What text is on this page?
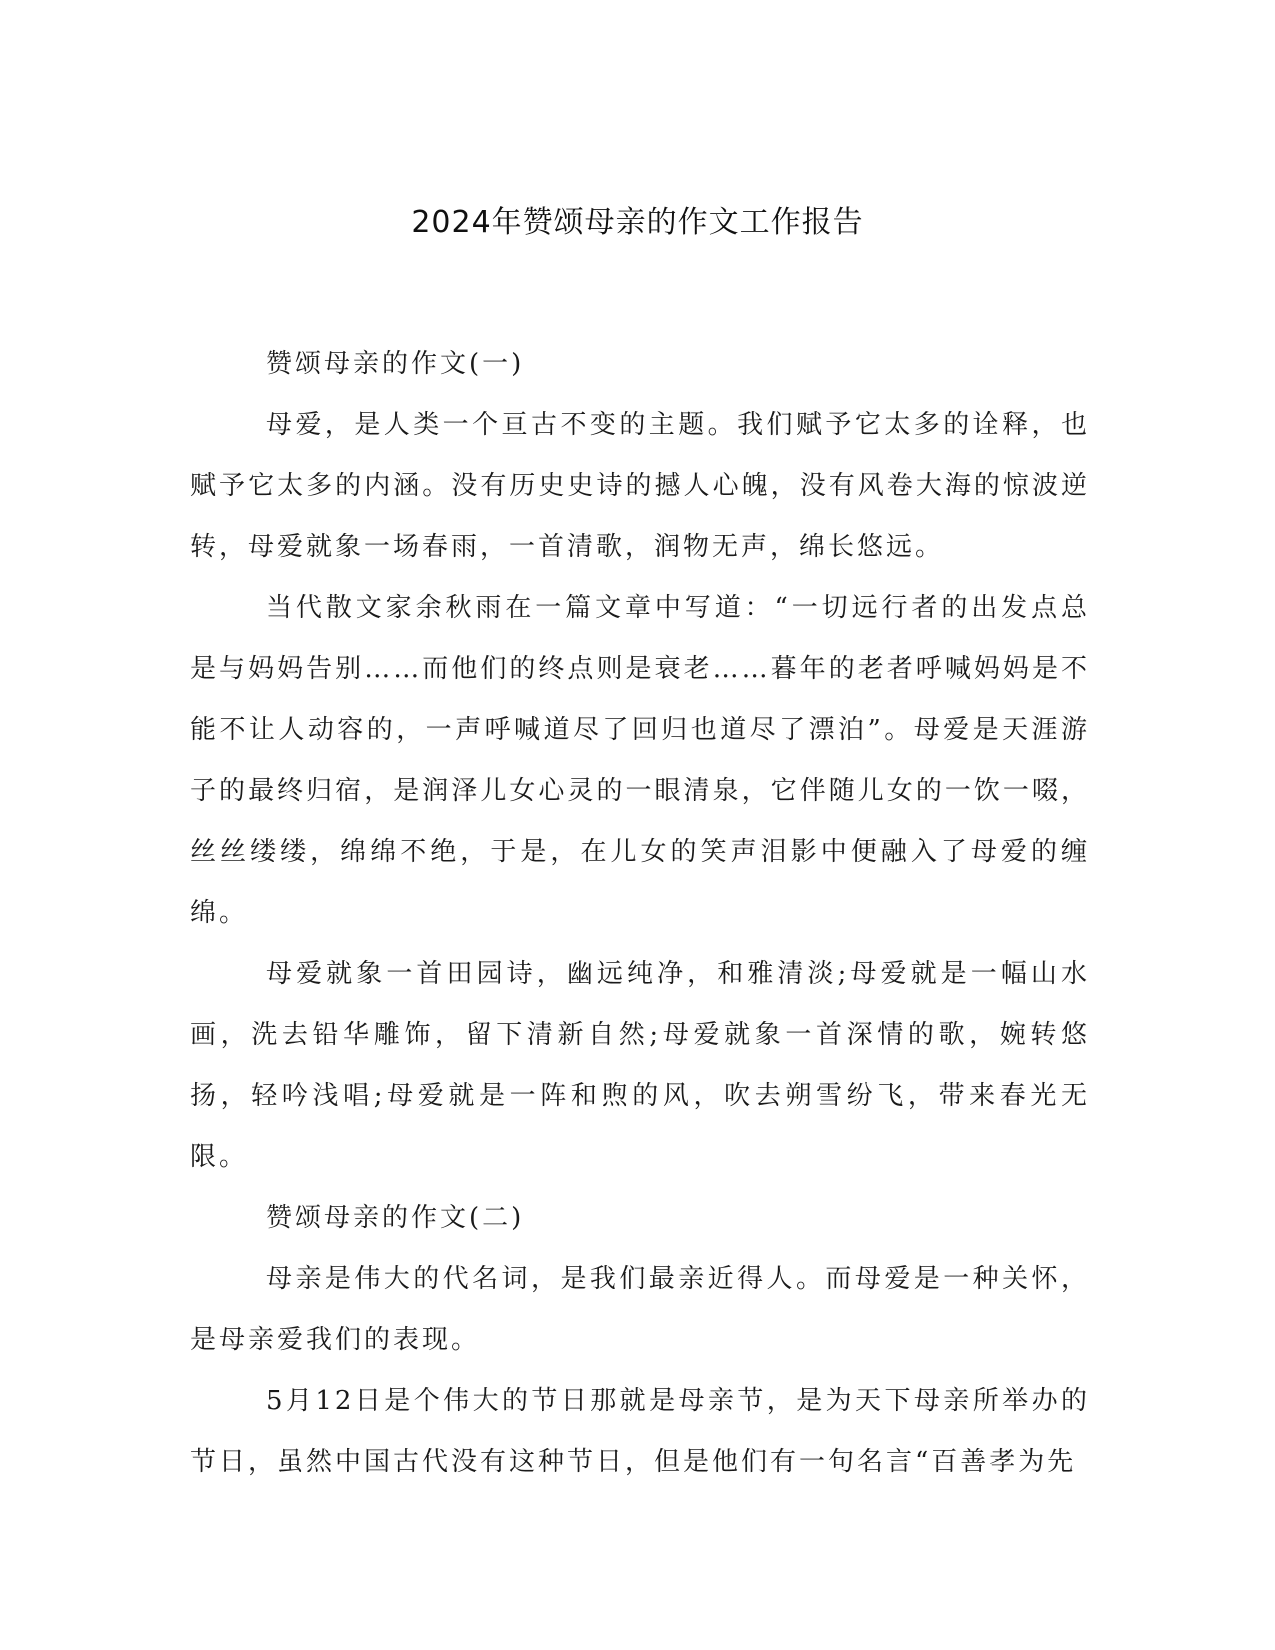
2024年赞颂母亲的作文工作报告

赞颂母亲的作文(一)

母爱，是人类一个亘古不变的主题。我们赋予它太多的诠释，也赋予它太多的内涵。没有历史史诗的撼人心魄，没有风卷大海的惊波逆转，母爱就象一场春雨，一首清歌，润物无声，绵长悠远。

当代散文家余秋雨在一篇文章中写道：“一切远行者的出发点总是与妈妈告别……而他们的终点则是衰老……暮年的老者呼喊妈妈是不能不让人动容的，一声呼喊道尽了回归也道尽了漂泊”。母爱是天涯游子的最终归宿，是润泽儿女心灵的一眼清泉，它伴随儿女的一饮一啜，丝丝缕缕，绵绵不绝，于是，在儿女的笑声泪影中便融入了母爱的缠绵。

母爱就象一首田园诗，幽远纯净，和雅清淡;母爱就是一幅山水画，洗去铅华雕饰，留下清新自然;母爱就象一首深情的歌，婉转悠扬，轻吟浅唱;母爱就是一阵和煦的风，吹去朔雪纷飞，带来春光无限。

赞颂母亲的作文(二)

母亲是伟大的代名词，是我们最亲近得人。而母爱是一种关怀，是母亲爱我们的表现。

5月12日是个伟大的节日那就是母亲节，是为天下母亲所举办的节日，虽然中国古代没有这种节日，但是他们有一句名言“百善孝为先
